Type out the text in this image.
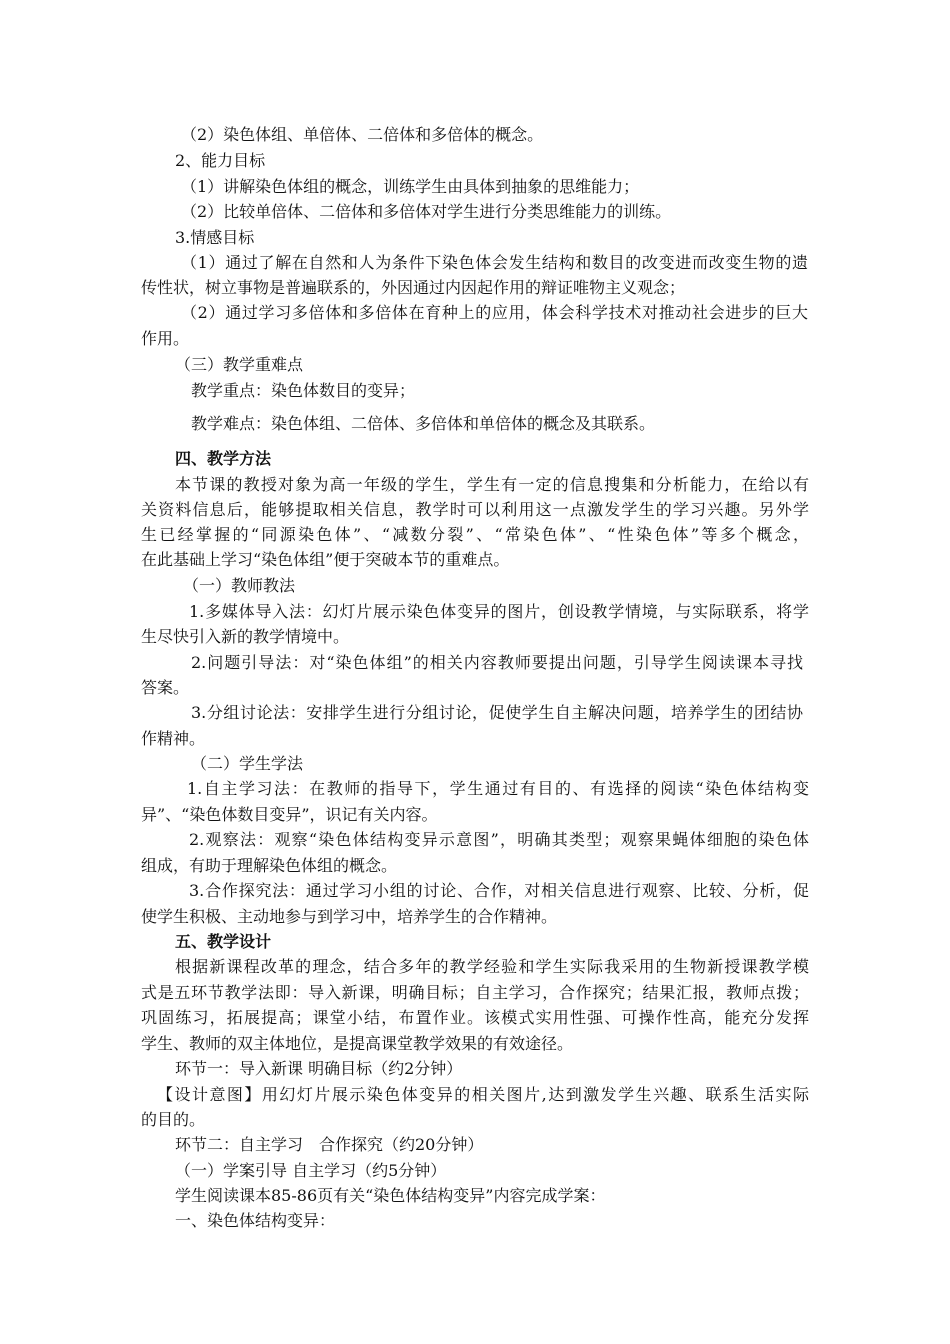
（2）染色体组、单倍体、二倍体和多倍体的概念。
2、能力目标
（1）讲解染色体组的概念，训练学生由具体到抽象的思维能力；
（2）比较单倍体、二倍体和多倍体对学生进行分类思维能力的训练。
3.情感目标
（1）通过了解在自然和人为条件下染色体会发生结构和数目的改变进而改变生物的遗
传性状，树立事物是普遍联系的，外因通过内因起作用的辩证唯物主义观念；
（2）通过学习多倍体和多倍体在育种上的应用，体会科学技术对推动社会进步的巨大
作用。
（三）教学重难点
教学重点：染色体数目的变异；
教学难点：染色体组、二倍体、多倍体和单倍体的概念及其联系。
四、教学方法
本节课的教授对象为高一年级的学生，学生有一定的信息搜集和分析能力，在给以有
关资料信息后，能够提取相关信息，教学时可以利用这一点激发学生的学习兴趣。另外学
生已经掌握的“同源染色体”、“减数分裂”、“常染色体”、“性染色体”等多个概念，
在此基础上学习“染色体组”便于突破本节的重难点。
（一）教师教法
1.多媒体导入法：幻灯片展示染色体变异的图片，创设教学情境，与实际联系，将学
生尽快引入新的教学情境中。
2.问题引导法：对“染色体组”的相关内容教师要提出问题，引导学生阅读课本寻找
答案。
3.分组讨论法：安排学生进行分组讨论，促使学生自主解决问题，培养学生的团结协
作精神。
（二）学生学法
1.自主学习法：在教师的指导下，学生通过有目的、有选择的阅读“染色体结构变
异”、“染色体数目变异”，识记有关内容。
2.观察法：观察“染色体结构变异示意图”，明确其类型；观察果蝇体细胞的染色体
组成，有助于理解染色体组的概念。
3.合作探究法：通过学习小组的讨论、合作，对相关信息进行观察、比较、分析，促
使学生积极、主动地参与到学习中，培养学生的合作精神。
五、教学设计
根据新课程改革的理念，结合多年的教学经验和学生实际我采用的生物新授课教学模
式是五环节教学法即：导入新课，明确目标；自主学习，合作探究；结果汇报，教师点拨；
巩固练习，拓展提高；课堂小结，布置作业。该模式实用性强、可操作性高，能充分发挥
学生、教师的双主体地位，是提高课堂教学效果的有效途径。
环节一：导入新课 明确目标（约2分钟）
【设计意图】用幻灯片展示染色体变异的相关图片,达到激发学生兴趣、联系生活实际
的目的。
环节二：自主学习　合作探究（约20分钟）
（一）学案引导 自主学习（约5分钟）
学生阅读课本85-86页有关“染色体结构变异”内容完成学案：
一、染色体结构变异：
